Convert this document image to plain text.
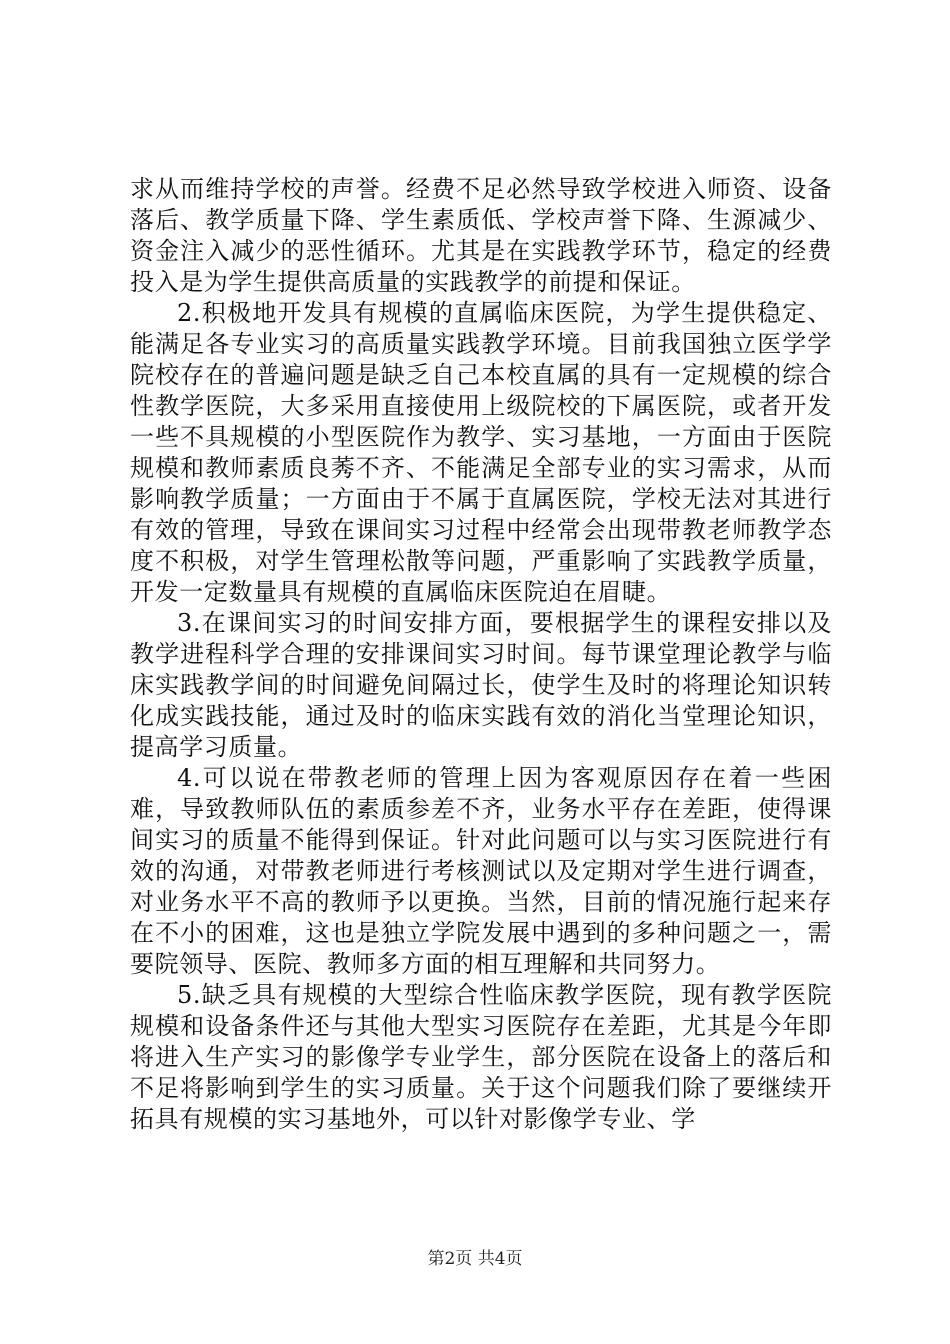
求从而维持学校的声誉。经费不足必然导致学校进入师资、设备落后、教学质量下降、学生素质低、学校声誉下降、生源减少、资金注入减少的恶性循环。尤其是在实践教学环节，稳定的经费投入是为学生提供高质量的实践教学的前提和保证。

2.积极地开发具有规模的直属临床医院，为学生提供稳定、能满足各专业实习的高质量实践教学环境。目前我国独立医学学院校存在的普遍问题是缺乏自己本校直属的具有一定规模的综合性教学医院，大多采用直接使用上级院校的下属医院，或者开发一些不具规模的小型医院作为教学、实习基地，一方面由于医院规模和教师素质良莠不齐、不能满足全部专业的实习需求，从而影响教学质量；一方面由于不属于直属医院，学校无法对其进行有效的管理，导致在课间实习过程中经常会出现带教老师教学态度不积极，对学生管理松散等问题，严重影响了实践教学质量，开发一定数量具有规模的直属临床医院迫在眉睫。

3.在课间实习的时间安排方面，要根据学生的课程安排以及教学进程科学合理的安排课间实习时间。每节课堂理论教学与临床实践教学间的时间避免间隔过长，使学生及时的将理论知识转化成实践技能，通过及时的临床实践有效的消化当堂理论知识，提高学习质量。

4.可以说在带教老师的管理上因为客观原因存在着一些困难，导致教师队伍的素质参差不齐，业务水平存在差距，使得课间实习的质量不能得到保证。针对此问题可以与实习医院进行有效的沟通，对带教老师进行考核测试以及定期对学生进行调查，对业务水平不高的教师予以更换。当然，目前的情况施行起来存在不小的困难，这也是独立学院发展中遇到的多种问题之一，需要院领导、医院、教师多方面的相互理解和共同努力。

5.缺乏具有规模的大型综合性临床教学医院，现有教学医院规模和设备条件还与其他大型实习医院存在差距，尤其是今年即将进入生产实习的影像学专业学生，部分医院在设备上的落后和不足将影响到学生的实习质量。关于这个问题我们除了要继续开拓具有规模的实习基地外，可以针对影像学专业、学

第2页 共4页
